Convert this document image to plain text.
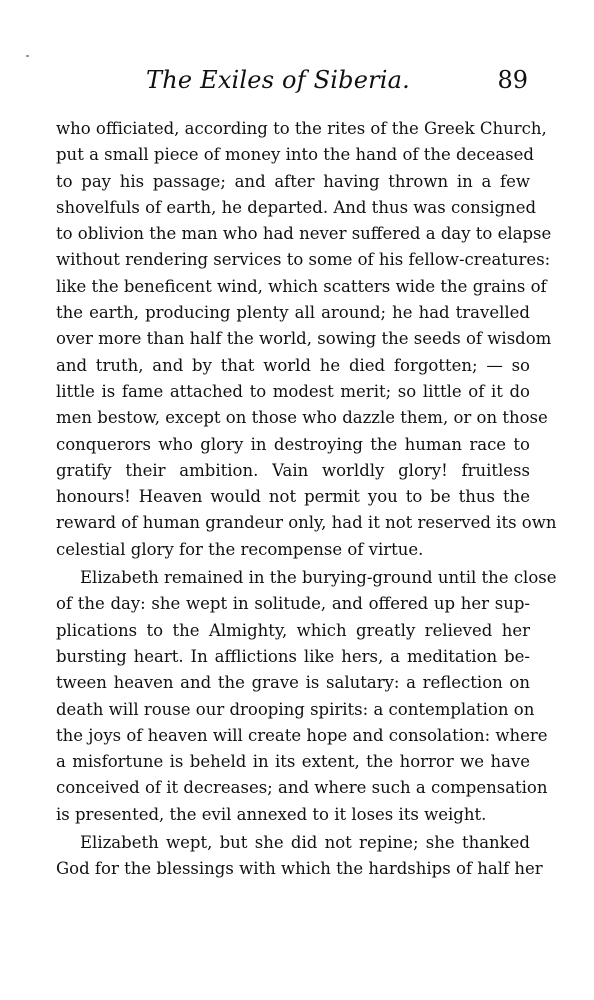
The Exiles of Siberia.	89
who officiated, according to the rites of the Greek Church,
put a small piece of money into the hand of the deceased
to pay his passage; and after having thrown in a few
shovelfuls of earth, he departed. And thus was consigned
to oblivion the man who had never suffered a day to elapse
without rendering services to some of his fellow-creatures:
like the beneficent wind, which scatters wide the grains of
the earth, producing plenty all around; he had travelled
over more than half the world, sowing the seeds of wisdom
and truth, and by that world he died forgotten; — so
little is fame attached to modest merit; so little of it do
men bestow, except on those who dazzle them, or on those
conquerors who glory in destroying the human race to
gratify their ambition. Vain worldly glory! fruitless
honours! Heaven would not permit you to be thus the
reward of human grandeur only, had it not reserved its own
celestial glory for the recompense of virtue.
Elizabeth remained in the burying-ground until the close
of the day: she wept in solitude, and offered up her sup-
plications to the Almighty, which greatly relieved her
bursting heart. In afflictions like hers, a meditation be-
tween heaven and the grave is salutary: a reflection on
death will rouse our drooping spirits: a contemplation on
the joys of heaven will create hope and consolation: where
a misfortune is beheld in its extent, the horror we have
conceived of it decreases; and where such a compensation
is presented, the evil annexed to it loses its weight.
Elizabeth wept, but she did not repine; she thanked
God for the blessings with which the hardships of half her
